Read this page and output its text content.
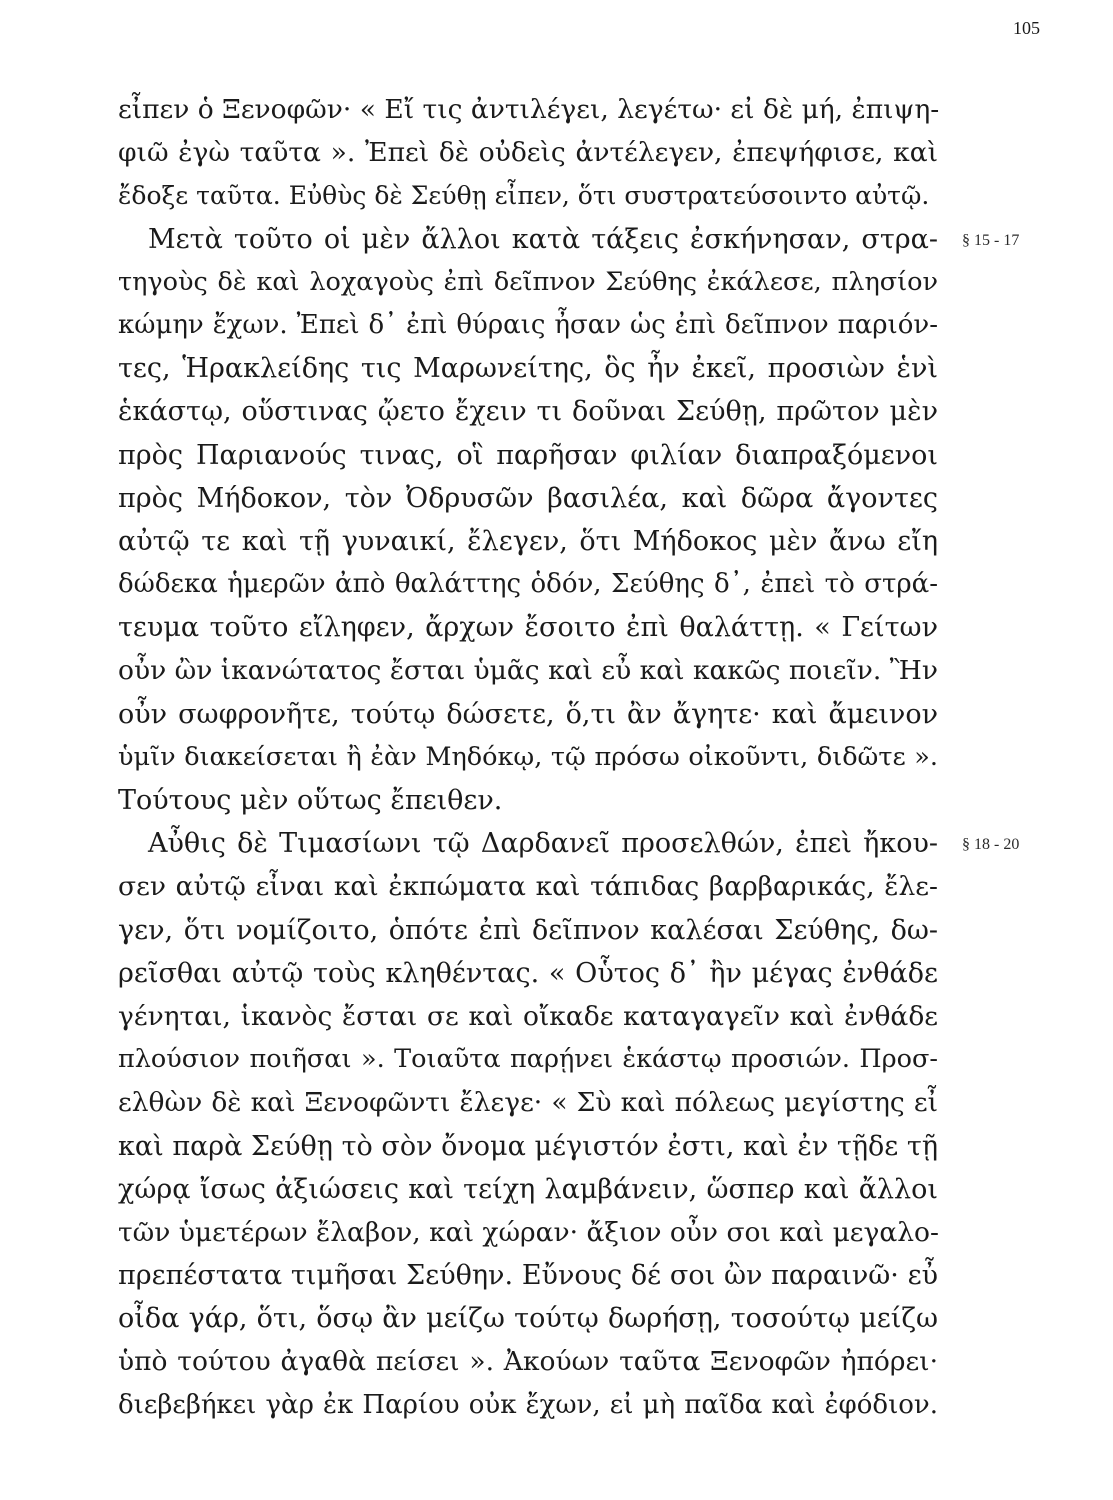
105
§ 15 - 17
§ 18 - 20
εἶπεν ὁ Ξενοφῶν· « Εἴ τις ἀντιλέγει, λεγέτω· εἰ δὲ μή, ἐπιψη-
φιῶ ἐγὼ ταῦτα ». Ἐπεὶ δὲ οὐδεὶς ἀντέλεγεν, ἐπεψήφισε, καὶ
ἔδοξε ταῦτα. Εὐθὺς δὲ Σεύθῃ εἶπεν, ὅτι συστρατεύσοιντο αὐτῷ.
Μετὰ τοῦτο οἱ μὲν ἄλλοι κατὰ τάξεις ἐσκήνησαν, στρα-
τηγοὺς δὲ καὶ λοχαγοὺς ἐπὶ δεῖπνον Σεύθης ἐκάλεσε, πλησίον
κώμην ἔχων. Ἐπεὶ δ᾽ ἐπὶ θύραις ἦσαν ὡς ἐπὶ δεῖπνον παριόν-
τες, Ἡρακλείδης τις Μαρωνείτης, ὃς ἦν ἐκεῖ, προσιὼν ἑνὶ
ἑκάστῳ, οὕστινας ᾤετο ἔχειν τι δοῦναι Σεύθῃ, πρῶτον μὲν
πρὸς Παριανούς τινας, οἳ παρῆσαν φιλίαν διαπραξόμενοι
πρὸς Μήδοκον, τὸν Ὀδρυσῶν βασιλέα, καὶ δῶρα ἄγοντες
αὐτῷ τε καὶ τῇ γυναικί, ἔλεγεν, ὅτι Μήδοκος μὲν ἄνω εἴη
δώδεκα ἡμερῶν ἀπὸ θαλάττης ὁδόν, Σεύθης δ᾽, ἐπεὶ τὸ στρά-
τευμα τοῦτο εἴληφεν, ἄρχων ἔσοιτο ἐπὶ θαλάττῃ. « Γείτων
οὖν ὢν ἱκανώτατος ἔσται ὑμᾶς καὶ εὖ καὶ κακῶς ποιεῖν. Ἢν
οὖν σωφρονῆτε, τούτῳ δώσετε, ὅ,τι ἂν ἄγητε· καὶ ἄμεινον
ὑμῖν διακείσεται ἢ ἐὰν Μηδόκῳ, τῷ πρόσω οἰκοῦντι, διδῶτε ».
Τούτους μὲν οὕτως ἔπειθεν.
Αὖθις δὲ Τιμασίωνι τῷ Δαρδανεῖ προσελθών, ἐπεὶ ἤκου-
σεν αὐτῷ εἶναι καὶ ἐκπώματα καὶ τάπιδας βαρβαρικάς, ἔλε-
γεν, ὅτι νομίζοιτο, ὁπότε ἐπὶ δεῖπνον καλέσαι Σεύθης, δω-
ρεῖσθαι αὐτῷ τοὺς κληθέντας. « Οὗτος δ᾽ ἢν μέγας ἐνθάδε
γένηται, ἱκανὸς ἔσται σε καὶ οἴκαδε καταγαγεῖν καὶ ἐνθάδε
πλούσιον ποιῆσαι ». Τοιαῦτα παρῄνει ἑκάστῳ προσιών. Προσ-
ελθὼν δὲ καὶ Ξενοφῶντι ἔλεγε· « Σὺ καὶ πόλεως μεγίστης εἶ
καὶ παρὰ Σεύθῃ τὸ σὸν ὄνομα μέγιστόν ἐστι, καὶ ἐν τῇδε τῇ
χώρᾳ ἴσως ἀξιώσεις καὶ τείχη λαμβάνειν, ὥσπερ καὶ ἄλλοι
τῶν ὑμετέρων ἔλαβον, καὶ χώραν· ἄξιον οὖν σοι καὶ μεγαλο-
πρεπέστατα τιμῆσαι Σεύθην. Εὔνους δέ σοι ὢν παραινῶ· εὖ
οἶδα γάρ, ὅτι, ὅσῳ ἂν μείζω τούτῳ δωρήσῃ, τοσούτῳ μείζω
ὑπὸ τούτου ἀγαθὰ πείσει ». Ἀκούων ταῦτα Ξενοφῶν ἠπόρει·
διεβεβήκει γὰρ ἐκ Παρίου οὐκ ἔχων, εἰ μὴ παῖδα καὶ ἐφόδιον.
